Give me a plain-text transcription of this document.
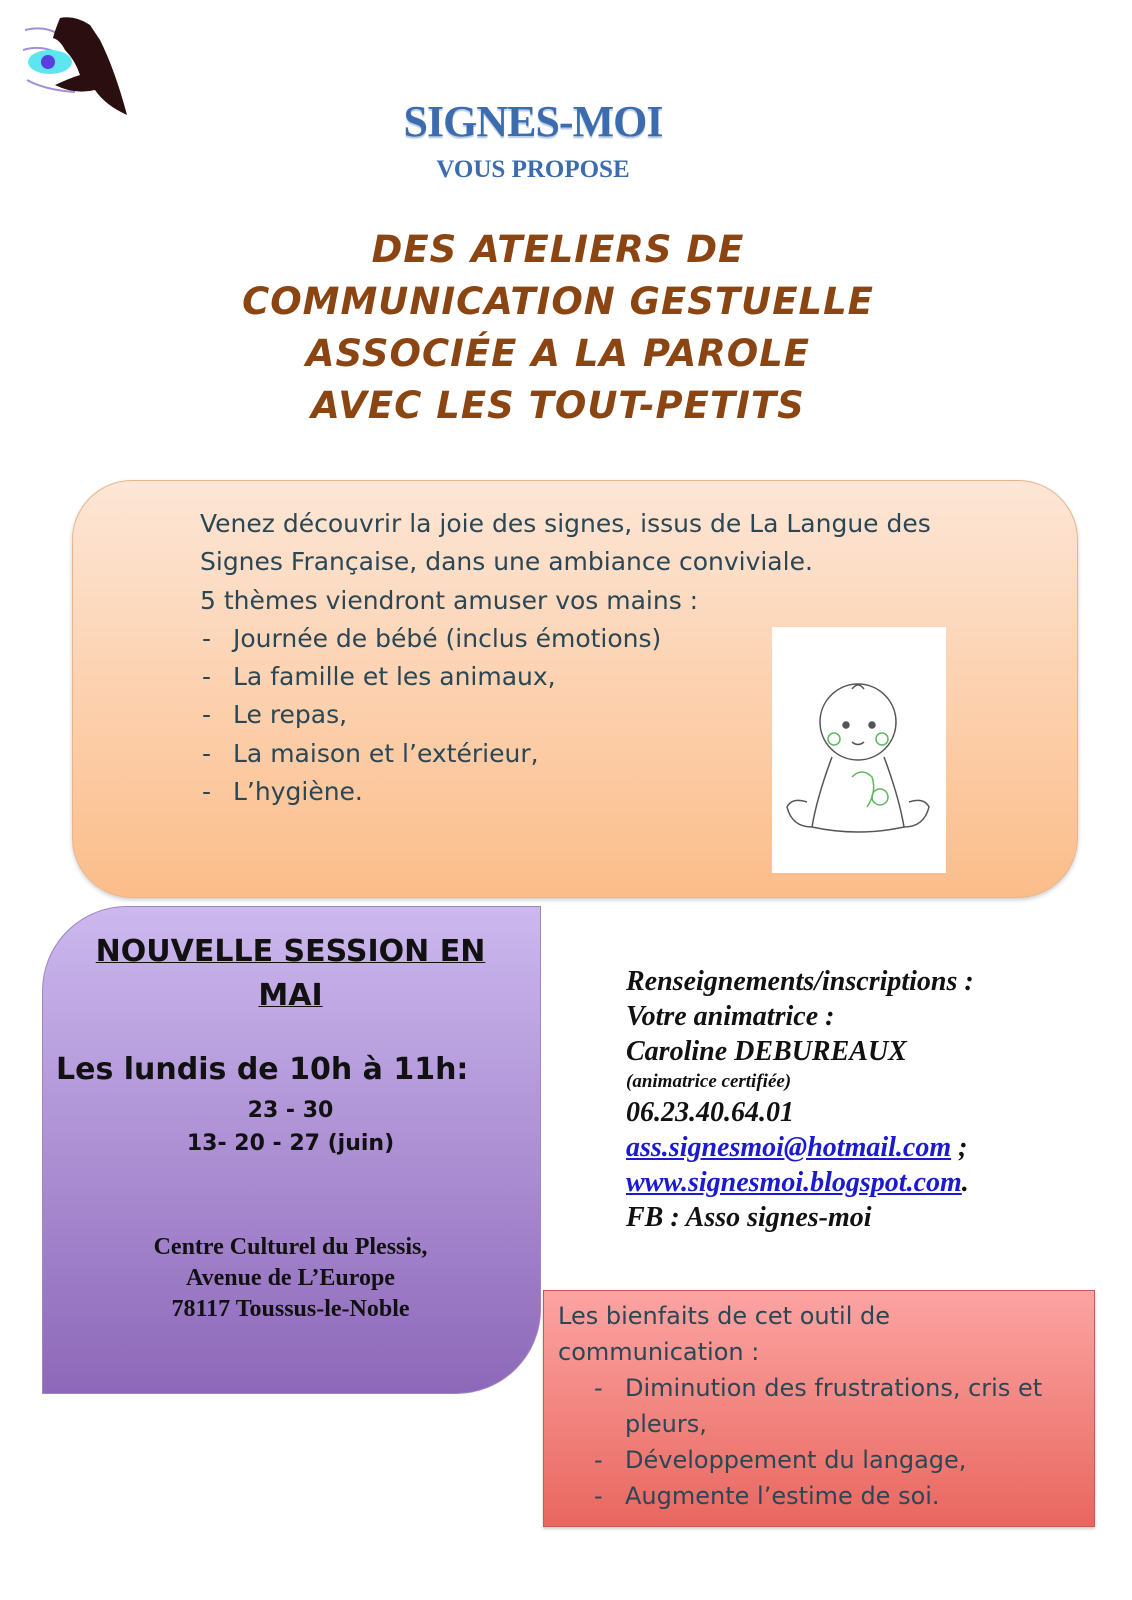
SIGNES-MOI
VOUS PROPOSE
DES ATELIERS DE
COMMUNICATION GESTUELLE
ASSOCIÉE A LA PAROLE
AVEC LES TOUT-PETITS
Venez découvrir la joie des signes, issus de La Langue des
Signes Française, dans une ambiance conviviale.
5 thèmes viendront amuser vos mains :
- Journée de bébé (inclus émotions)
- La famille et les animaux,
- Le repas,
- La maison et l’extérieur,
- L’hygiène.
NOUVELLE SESSION EN
MAI
Les lundis de 10h à 11h:
23 - 30
13- 20 - 27 (juin)
Centre Culturel du Plessis,
Avenue de L’Europe
78117 Toussus-le-Noble
Renseignements/inscriptions :
Votre animatrice :
Caroline DEBUREAUX
(animatrice certifiée)
06.23.40.64.01
ass.signesmoi@hotmail.com ;
www.signesmoi.blogspot.com.
FB : Asso signes-moi
Les bienfaits de cet outil de
communication :
- Diminution des frustrations, cris et
pleurs,
- Développement du langage,
- Augmente l’estime de soi.
